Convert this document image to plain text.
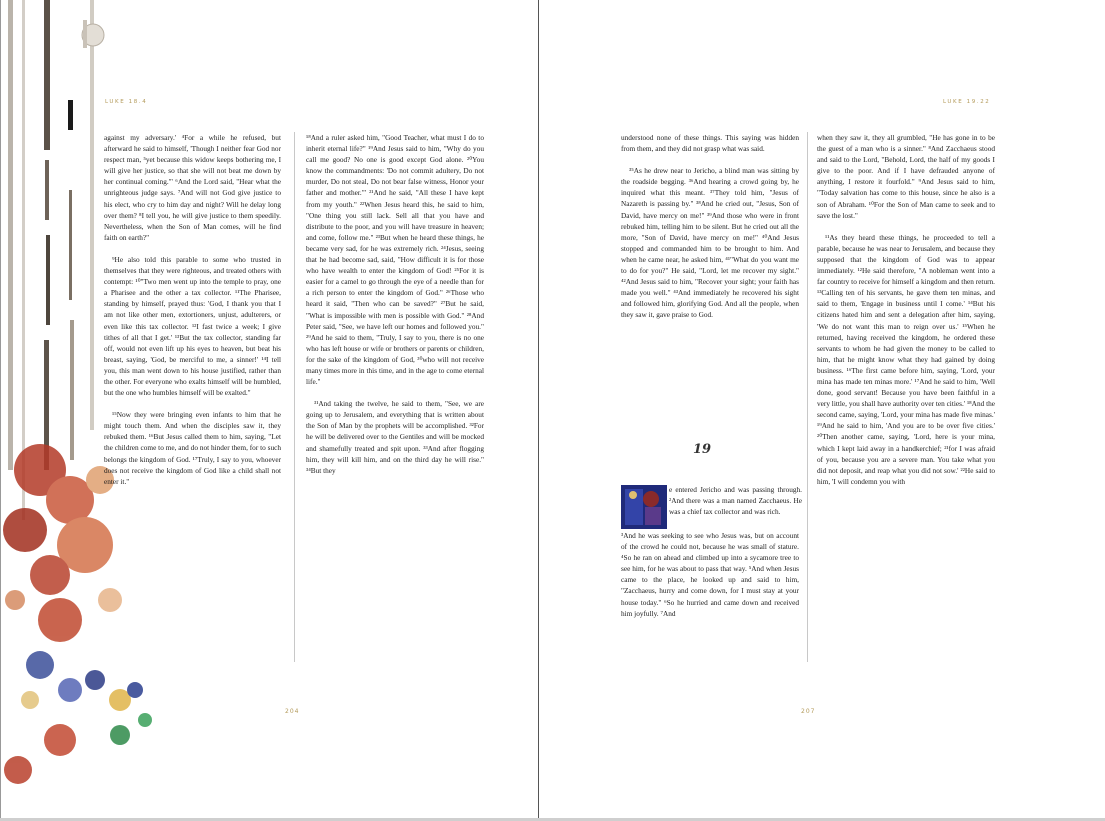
LUKE 18.4

against my adversary.' ⁴For a while he refused, but afterward he said to himself, 'Though I neither fear God nor respect man, ⁵yet because this widow keeps bothering me, I will give her justice, so that she will not beat me down by her continual coming.'" ⁶And the Lord said, "Hear what the unrighteous judge says. ⁷And will not God give justice to his elect, who cry to him day and night? Will he delay long over them? ⁸I tell you, he will give justice to them speedily. Nevertheless, when the Son of Man comes, will he find faith on earth?"

⁹He also told this parable to some who trusted in themselves that they were righteous, and treated others with contempt: ¹⁰"Two men went up into the temple to pray, one a Pharisee and the other a tax collector. ¹¹The Pharisee, standing by himself, prayed thus: 'God, I thank you that I am not like other men, extortioners, unjust, adulterers, or even like this tax collector. ¹²I fast twice a week; I give tithes of all that I get.' ¹³But the tax collector, standing far off, would not even lift up his eyes to heaven, but beat his breast, saying, 'God, be merciful to me, a sinner!' ¹⁴I tell you, this man went down to his house justified, rather than the other. For everyone who exalts himself will be humbled, but the one who humbles himself will be exalted."

¹⁵Now they were bringing even infants to him that he might touch them. And when the disciples saw it, they rebuked them. ¹⁶But Jesus called them to him, saying, "Let the children come to me, and do not hinder them, for to such belongs the kingdom of God. ¹⁷Truly, I say to you, whoever does not receive the kingdom of God like a child shall not enter it."

¹⁸And a ruler asked him, "Good Teacher, what must I do to inherit eternal life?" ¹⁹And Jesus said to him, "Why do you call me good? No one is good except God alone. ²⁰You know the commandments: 'Do not commit adultery, Do not murder, Do not steal, Do not bear false witness, Honor your father and mother.'" ²¹And he said, "All these I have kept from my youth." ²²When Jesus heard this, he said to him, "One thing you still lack. Sell all that you have and distribute to the poor, and you will have treasure in heaven; and come, follow me." ²³But when he heard these things, he became very sad, for he was extremely rich. ²⁴Jesus, seeing that he had become sad, said, "How difficult it is for those who have wealth to enter the kingdom of God! ²⁵For it is easier for a camel to go through the eye of a needle than for a rich person to enter the kingdom of God." ²⁶Those who heard it said, "Then who can be saved?" ²⁷But he said, "What is impossible with men is possible with God." ²⁸And Peter said, "See, we have left our homes and followed you." ²⁹And he said to them, "Truly, I say to you, there is no one who has left house or wife or brothers or parents or children, for the sake of the kingdom of God, ³⁰who will not receive many times more in this time, and in the age to come eternal life."

³¹And taking the twelve, he said to them, "See, we are going up to Jerusalem, and everything that is written about the Son of Man by the prophets will be accomplished. ³²For he will be delivered over to the Gentiles and will be mocked and shamefully treated and spit upon. ³³And after flogging him, they will kill him, and on the third day he will rise." ³⁴But they

204
LUKE 19.22

understood none of these things. This saying was hidden from them, and they did not grasp what was said.

³⁵As he drew near to Jericho, a blind man was sitting by the roadside begging. ³⁶And hearing a crowd going by, he inquired what this meant. ³⁷They told him, "Jesus of Nazareth is passing by." ³⁸And he cried out, "Jesus, Son of David, have mercy on me!" ³⁹And those who were in front rebuked him, telling him to be silent. But he cried out all the more, "Son of David, have mercy on me!" ⁴⁰And Jesus stopped and commanded him to be brought to him. And when he came near, he asked him, ⁴¹"What do you want me to do for you?" He said, "Lord, let me recover my sight." ⁴²And Jesus said to him, "Recover your sight; your faith has made you well." ⁴³And immediately he recovered his sight and followed him, glorifying God. And all the people, when they saw it, gave praise to God.

when they saw it, they all grumbled, "He has gone in to be the guest of a man who is a sinner." ⁸And Zacchaeus stood and said to the Lord, "Behold, Lord, the half of my goods I give to the poor. And if I have defrauded anyone of anything, I restore it fourfold." ⁹And Jesus said to him, "Today salvation has come to this house, since he also is a son of Abraham. ¹⁰For the Son of Man came to seek and to save the lost."

¹¹As they heard these things, he proceeded to tell a parable, because he was near to Jerusalem, and because they supposed that the kingdom of God was to appear immediately. ¹²He said therefore, "A nobleman went into a far country to receive for himself a kingdom and then return. ¹³Calling ten of his servants, he gave them ten minas, and said to them, 'Engage in business until I come.' ¹⁴But his citizens hated him and sent a delegation after him, saying, 'We do not want this man to reign over us.' ¹⁵When he returned, having received the kingdom, he ordered these servants to whom he had given the money to be called to him, that he might know what they had gained by doing business. ¹⁶The first came before him, saying, 'Lord, your mina has made ten minas more.' ¹⁷And he said to him, 'Well done, good servant! Because you have been faithful in a very little, you shall have authority over ten cities.' ¹⁸And the second came, saying, 'Lord, your mina has made five minas.' ¹⁹And he said to him, 'And you are to be over five cities.' ²⁰Then another came, saying, 'Lord, here is your mina, which I kept laid away in a handkerchief; ²¹for I was afraid of you, because you are a severe man. You take what you did not deposit, and reap what you did not sow.' ²²He said to him, 'I will condemn you with

207
19

e entered Jericho and was passing through. ²And there was a man named Zacchaeus. He was a chief tax collector and was rich.

³And he was seeking to see who Jesus was, but on account of the crowd he could not, because he was small of stature. ⁴So he ran on ahead and climbed up into a sycamore tree to see him, for he was about to pass that way. ⁵And when Jesus came to the place, he looked up and said to him, "Zacchaeus, hurry and come down, for I must stay at your house today." ⁶So he hurried and came down and received him joyfully. ⁷And
